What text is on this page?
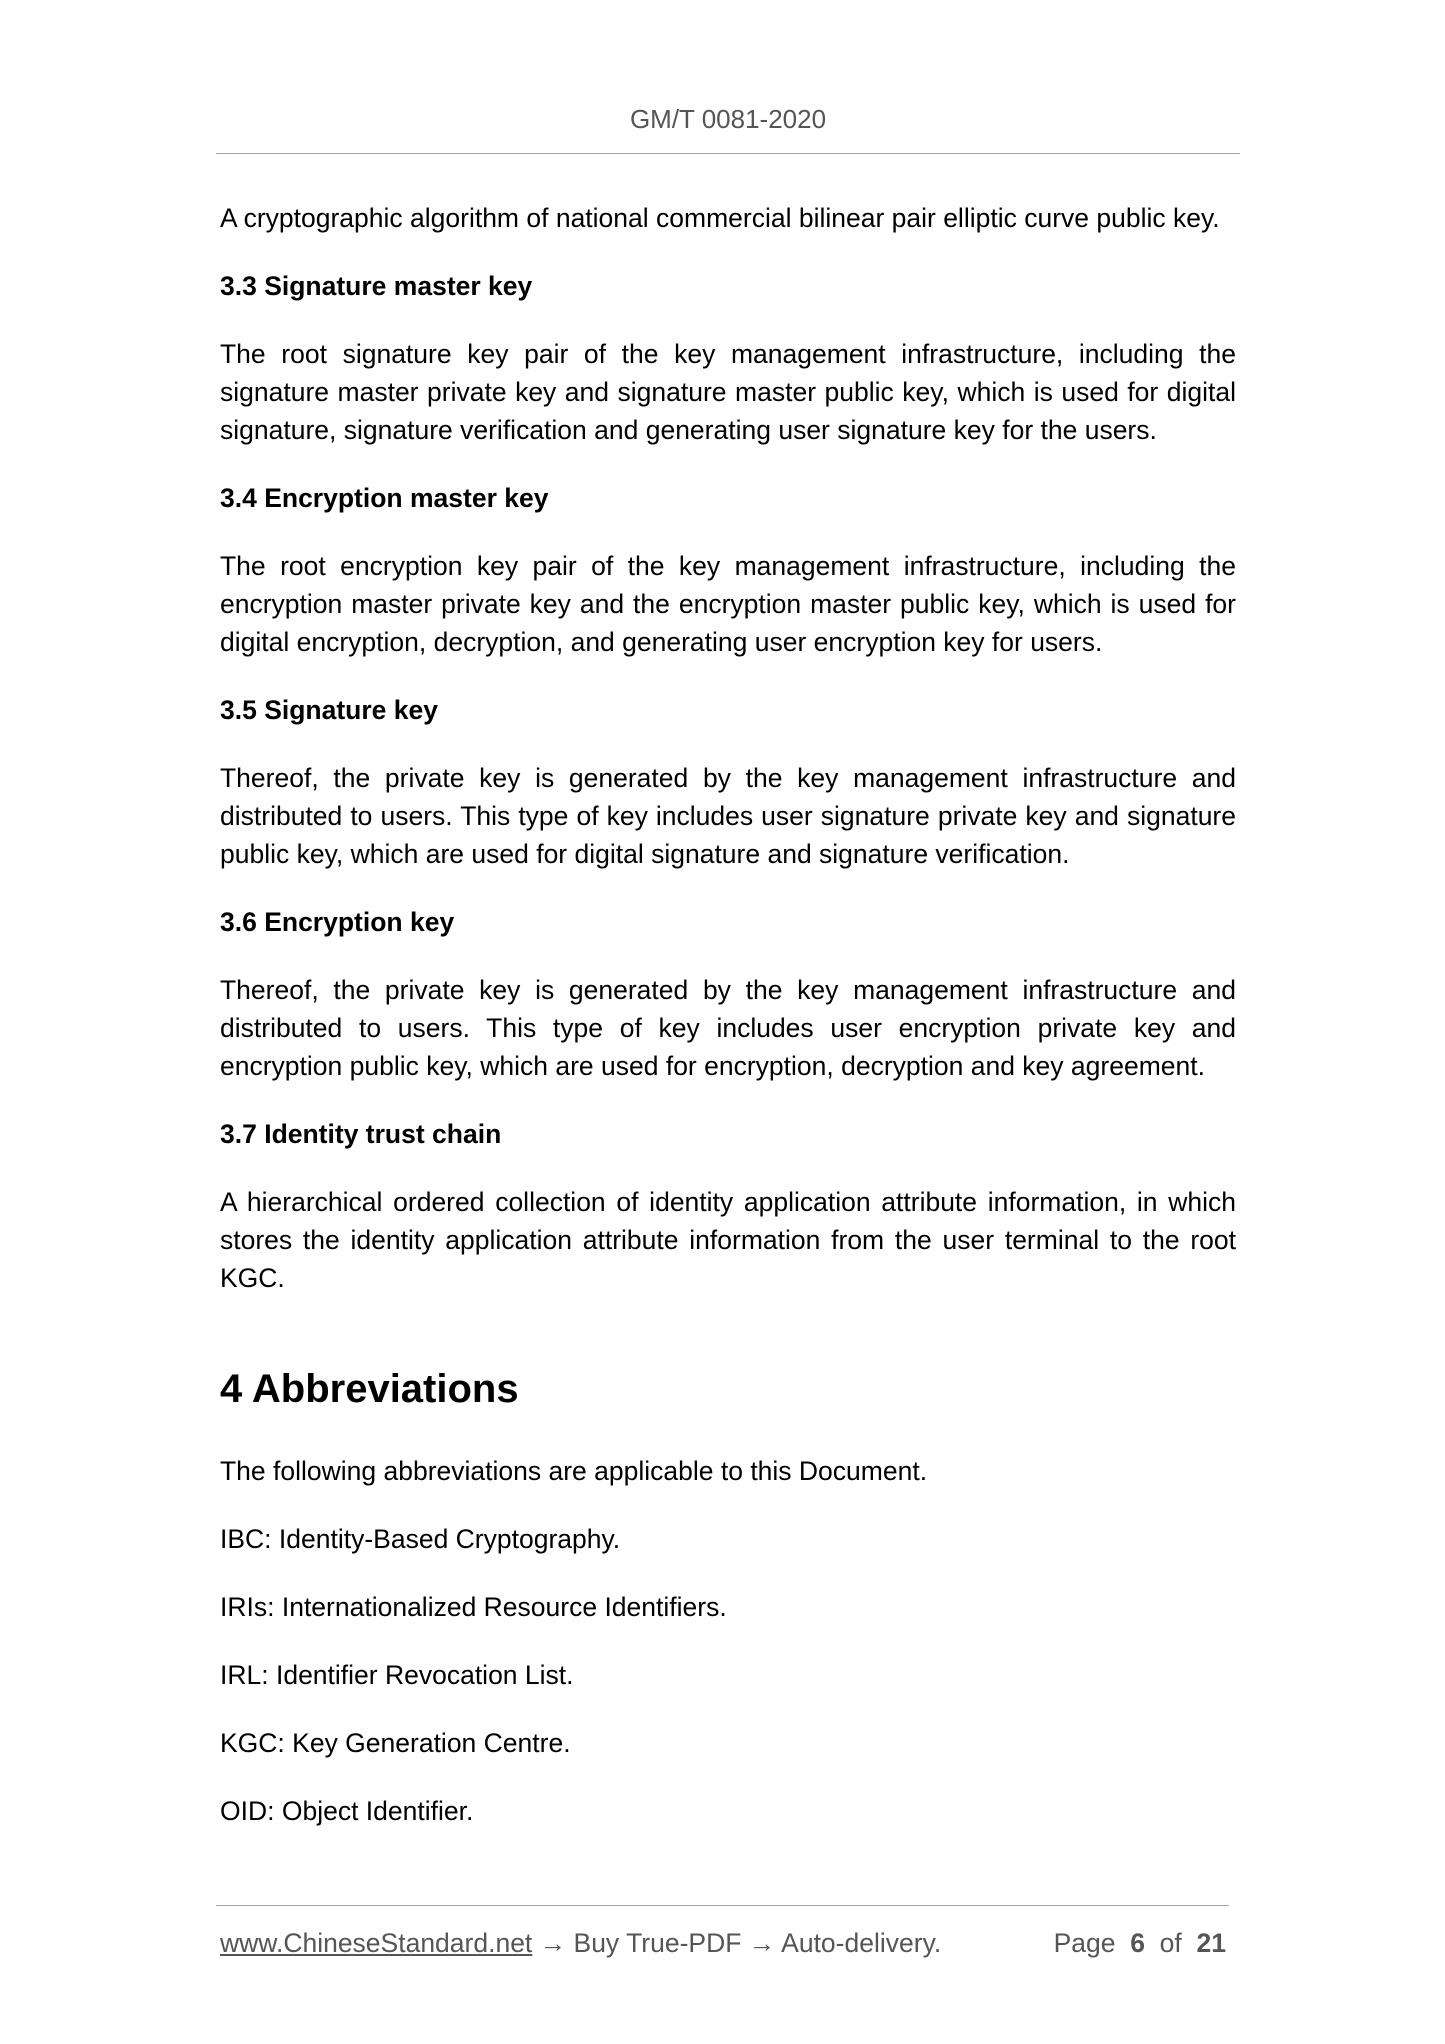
GM/T 0081-2020

A cryptographic algorithm of national commercial bilinear pair elliptic curve public key.

3.3 Signature master key

The root signature key pair of the key management infrastructure, including the signature master private key and signature master public key, which is used for digital signature, signature verification and generating user signature key for the users.

3.4 Encryption master key

The root encryption key pair of the key management infrastructure, including the encryption master private key and the encryption master public key, which is used for digital encryption, decryption, and generating user encryption key for users.

3.5 Signature key

Thereof, the private key is generated by the key management infrastructure and distributed to users. This type of key includes user signature private key and signature public key, which are used for digital signature and signature verification.

3.6 Encryption key

Thereof, the private key is generated by the key management infrastructure and distributed to users. This type of key includes user encryption private key and encryption public key, which are used for encryption, decryption and key agreement.

3.7 Identity trust chain

A hierarchical ordered collection of identity application attribute information, in which stores the identity application attribute information from the user terminal to the root KGC.

4 Abbreviations

The following abbreviations are applicable to this Document.

IBC: Identity-Based Cryptography.

IRIs: Internationalized Resource Identifiers.

IRL: Identifier Revocation List.

KGC: Key Generation Centre.

OID: Object Identifier.

www.ChineseStandard.net → Buy True-PDF → Auto-delivery.	Page 6 of 21
